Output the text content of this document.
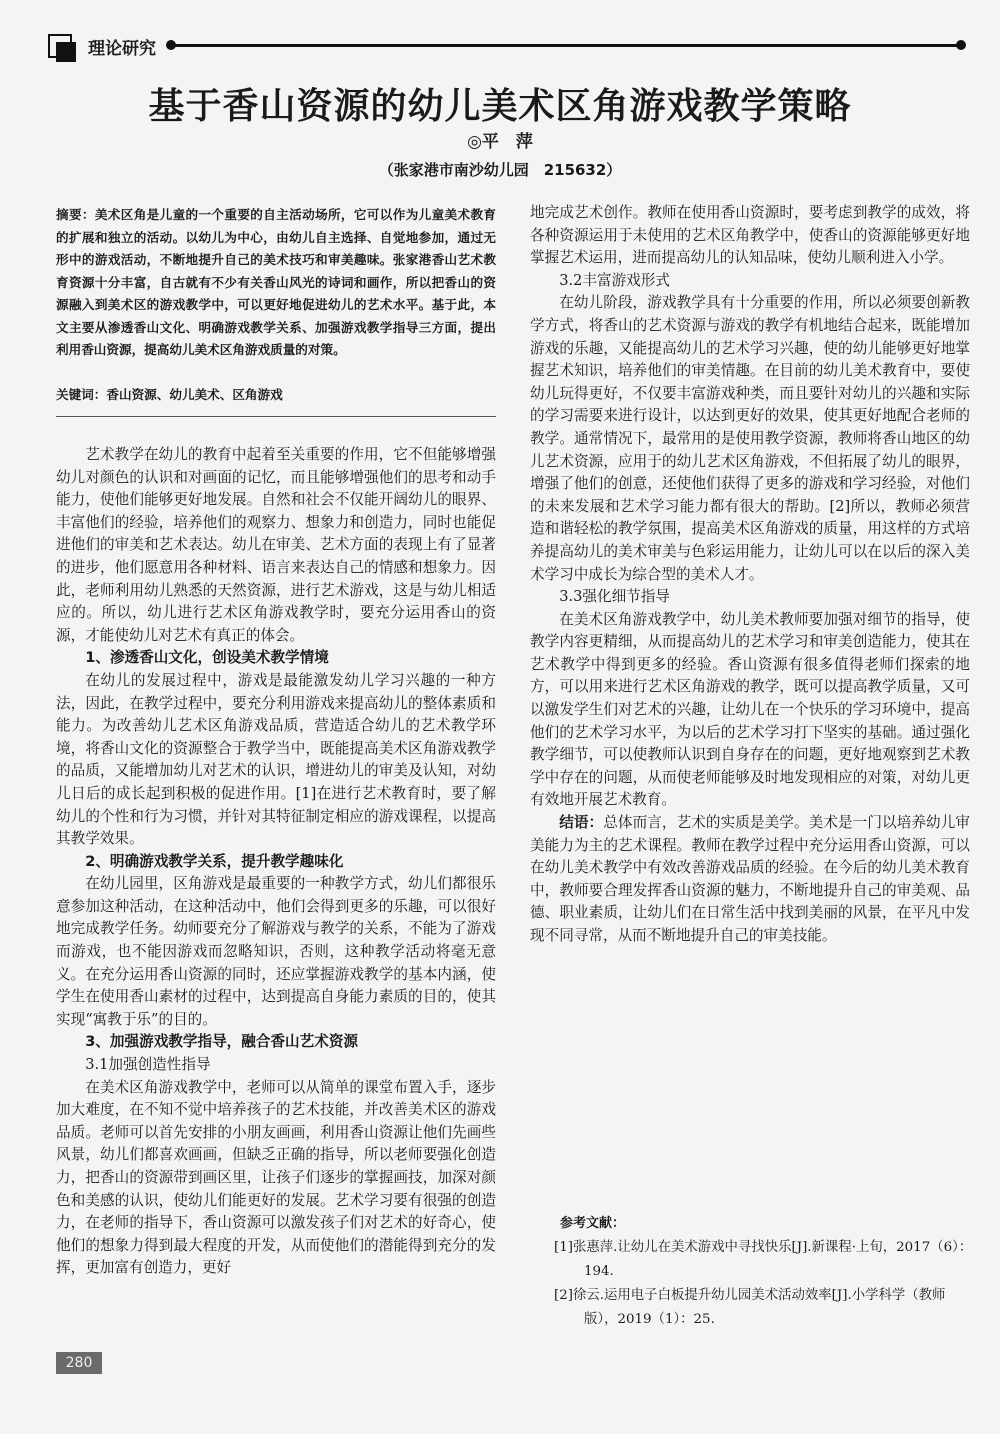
理论研究
基于香山资源的幼儿美术区角游戏教学策略
◎平　萍
（张家港市南沙幼儿园　215632）
摘要：美术区角是儿童的一个重要的自主活动场所，它可以作为儿童美术教育的扩展和独立的活动。以幼儿为中心，由幼儿自主选择、自觉地参加，通过无形中的游戏活动，不断地提升自己的美术技巧和审美趣味。张家港香山艺术教育资源十分丰富，自古就有不少有关香山风光的诗词和画作，所以把香山的资源融入到美术区的游戏教学中，可以更好地促进幼儿的艺术水平。基于此，本文主要从渗透香山文化、明确游戏教学关系、加强游戏教学指导三方面，提出利用香山资源，提高幼儿美术区角游戏质量的对策。
关键词：香山资源、幼儿美术、区角游戏

艺术教学在幼儿的教育中起着至关重要的作用，它不但能够增强幼儿对颜色的认识和对画面的记忆，而且能够增强他们的思考和动手能力，使他们能够更好地发展。自然和社会不仅能开阔幼儿的眼界、丰富他们的经验，培养他们的观察力、想象力和创造力，同时也能促进他们的审美和艺术表达。幼儿在审美、艺术方面的表现上有了显著的进步，他们愿意用各种材料、语言来表达自己的情感和想象力。因此，老师利用幼儿熟悉的天然资源，进行艺术游戏，这是与幼儿相适应的。所以，幼儿进行艺术区角游戏教学时，要充分运用香山的资源，才能使幼儿对艺术有真正的体会。

1、渗透香山文化，创设美术教学情境

在幼儿的发展过程中，游戏是最能激发幼儿学习兴趣的一种方法，因此，在教学过程中，要充分利用游戏来提高幼儿的整体素质和能力。为改善幼儿艺术区角游戏品质，营造适合幼儿的艺术教学环境，将香山文化的资源整合于教学当中，既能提高美术区角游戏教学的品质，又能增加幼儿对艺术的认识，增进幼儿的审美及认知，对幼儿日后的成长起到积极的促进作用。[1]在进行艺术教育时，要了解幼儿的个性和行为习惯，并针对其特征制定相应的游戏课程，以提高其教学效果。

2、明确游戏教学关系，提升教学趣味化

在幼儿园里，区角游戏是最重要的一种教学方式，幼儿们都很乐意参加这种活动，在这种活动中，他们会得到更多的乐趣，可以很好地完成教学任务。幼师要充分了解游戏与教学的关系，不能为了游戏而游戏，也不能因游戏而忽略知识，否则，这种教学活动将毫无意义。在充分运用香山资源的同时，还应掌握游戏教学的基本内涵，使学生在使用香山素材的过程中，达到提高自身能力素质的目的，使其实现“寓教于乐”的目的。

3、加强游戏教学指导，融合香山艺术资源

3.1加强创造性指导

在美术区角游戏教学中，老师可以从简单的课堂布置入手，逐步加大难度，在不知不觉中培养孩子的艺术技能，并改善美术区的游戏品质。老师可以首先安排的小朋友画画，利用香山资源让他们先画些风景，幼儿们都喜欢画画，但缺乏正确的指导，所以老师要强化创造力，把香山的资源带到画区里，让孩子们逐步的掌握画技，加深对颜色和美感的认识，使幼儿们能更好的发展。艺术学习要有很强的创造力，在老师的指导下，香山资源可以激发孩子们对艺术的好奇心，使他们的想象力得到最大程度的开发，从而使他们的潜能得到充分的发挥，更加富有创造力，更好

地完成艺术创作。教师在使用香山资源时，要考虑到教学的成效，将各种资源运用于未使用的艺术区角教学中，使香山的资源能够更好地掌握艺术运用，进而提高幼儿的认知品味，使幼儿顺利进入小学。

3.2丰富游戏形式

在幼儿阶段，游戏教学具有十分重要的作用，所以必须要创新教学方式，将香山的艺术资源与游戏的教学有机地结合起来，既能增加游戏的乐趣，又能提高幼儿的艺术学习兴趣，使的幼儿能够更好地掌握艺术知识，培养他们的审美情趣。在目前的幼儿美术教育中，要使幼儿玩得更好，不仅要丰富游戏种类，而且要针对幼儿的兴趣和实际的学习需要来进行设计，以达到更好的效果，使其更好地配合老师的教学。通常情况下，最常用的是使用教学资源，教师将香山地区的幼儿艺术资源，应用于的幼儿艺术区角游戏，不但拓展了幼儿的眼界，增强了他们的创意，还使他们获得了更多的游戏和学习经验，对他们的未来发展和艺术学习能力都有很大的帮助。[2]所以，教师必须营造和谐轻松的教学氛围，提高美术区角游戏的质量，用这样的方式培养提高幼儿的美术审美与色彩运用能力，让幼儿可以在以后的深入美术学习中成长为综合型的美术人才。

3.3强化细节指导

在美术区角游戏教学中，幼儿美术教师要加强对细节的指导，使教学内容更精细，从而提高幼儿的艺术学习和审美创造能力，使其在艺术教学中得到更多的经验。香山资源有很多值得老师们探索的地方，可以用来进行艺术区角游戏的教学，既可以提高教学质量，又可以激发学生们对艺术的兴趣，让幼儿在一个快乐的学习环境中，提高他们的艺术学习水平，为以后的艺术学习打下坚实的基础。通过强化教学细节，可以使教师认识到自身存在的问题，更好地观察到艺术教学中存在的问题，从而使老师能够及时地发现相应的对策，对幼儿更有效地开展艺术教育。

结语：总体而言，艺术的实质是美学。美术是一门以培养幼儿审美能力为主的艺术课程。教师在教学过程中充分运用香山资源，可以在幼儿美术教学中有效改善游戏品质的经验。在今后的幼儿美术教育中，教师要合理发挥香山资源的魅力，不断地提升自己的审美观、品德、职业素质，让幼儿们在日常生活中找到美丽的风景，在平凡中发现不同寻常，从而不断地提升自己的审美技能。

参考文献：
[1]张惠萍.让幼儿在美术游戏中寻找快乐[J].新课程·上旬，2017（6）：194.
[2]徐云.运用电子白板提升幼儿园美术活动效率[J].小学科学（教师版），2019（1）：25.
280
